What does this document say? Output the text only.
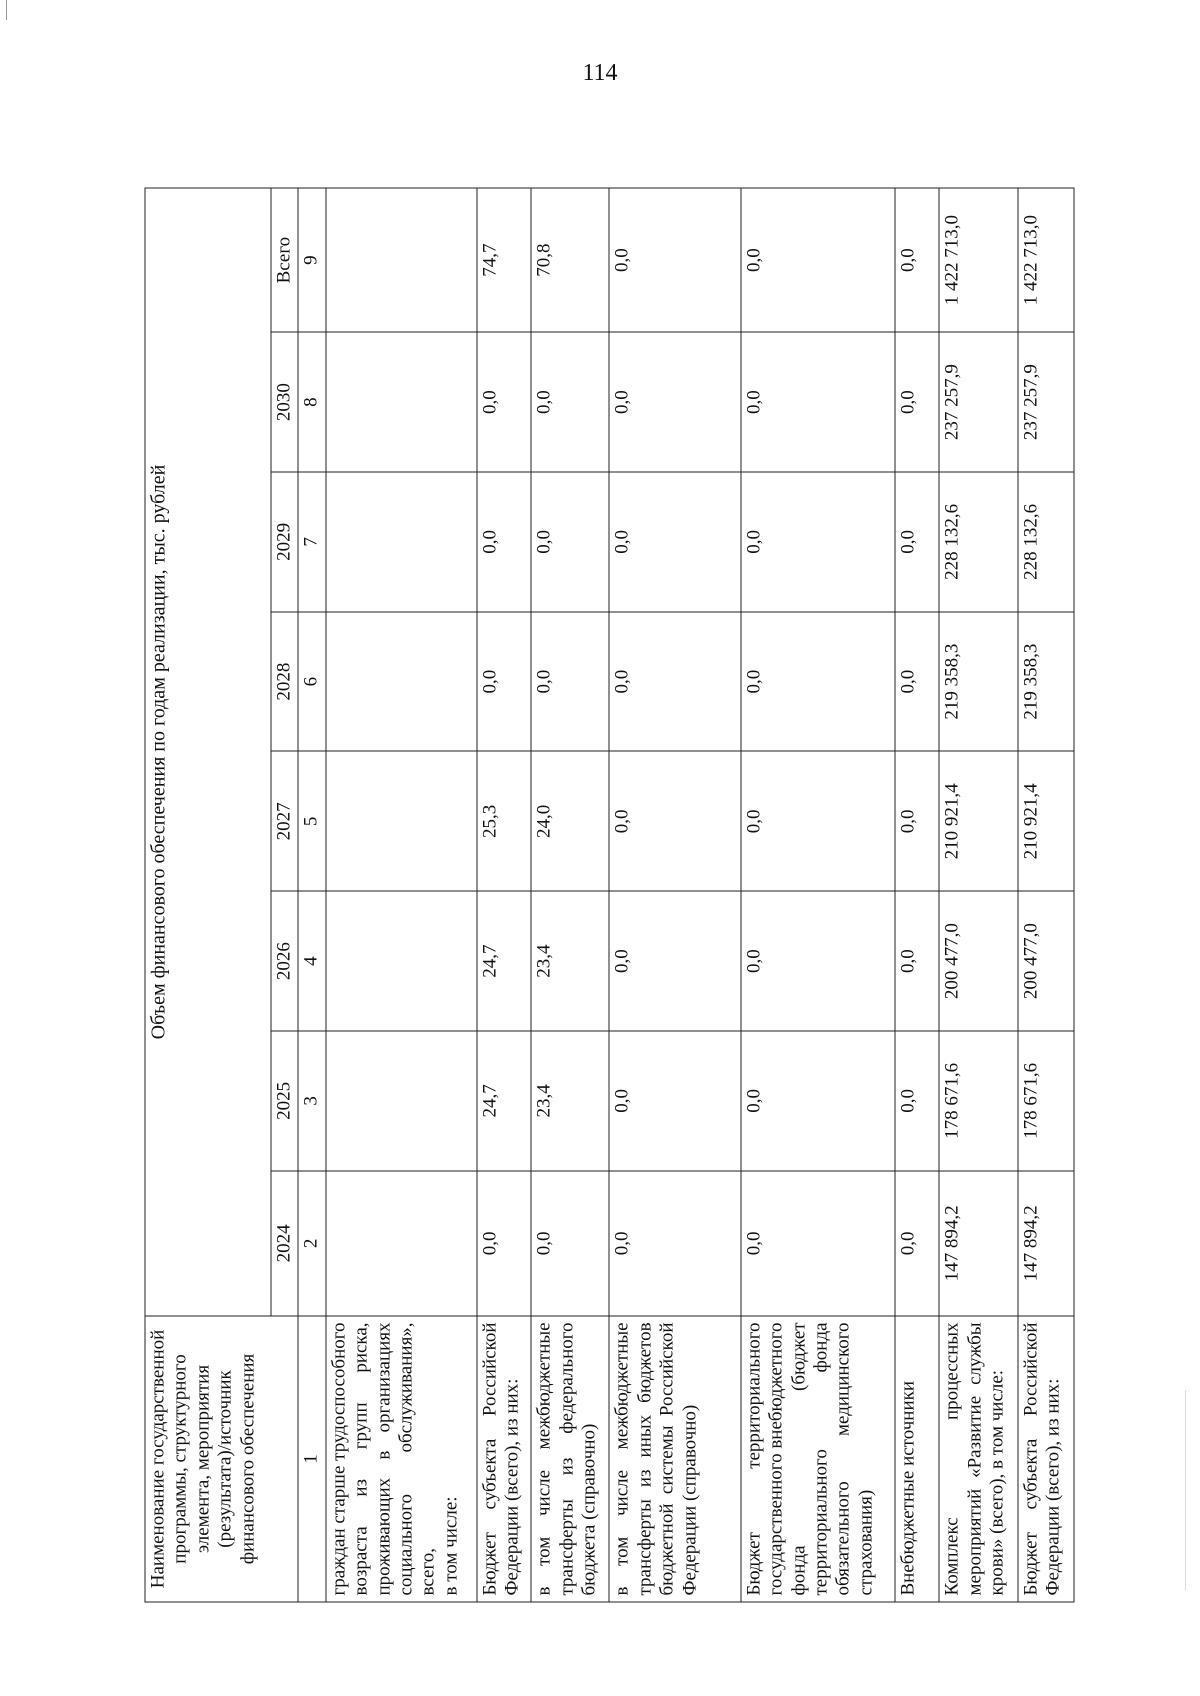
114
Наименование государственной программы, структурного элемента, мероприятия (результата)/источник финансового обеспечения	Объем финансового обеспечения по годам реализации, тыс. рублей							
	2024	2025	2026	2027	2028	2029	2030	Всего
1	2	3	4	5	6	7	8	9
граждан старше трудоспособного возраста из групп риска, проживающих в организациях социального обслуживания», всего, в том числе:								

Бюджет субъекта Российской Федерации (всего), из них:	0,0	24,7	24,7	25,3	0,0	0,0	0,0	74,7
в том числе межбюджетные трансферты из федерального бюджета (справочно)	0,0	23,4	23,4	24,0	0,0	0,0	0,0	70,8
в том числе межбюджетные трансферты из иных бюджетов бюджетной системы Российской Федерации (справочно)	0,0	0,0	0,0	0,0	0,0	0,0	0,0	0,0
Бюджет территориального государственного внебюджетного фонда (бюджет территориального фонда обязательного медицинского страхования)	0,0	0,0	0,0	0,0	0,0	0,0	0,0	0,0
Внебюджетные источники	0,0	0,0	0,0	0,0	0,0	0,0	0,0	0,0
Комплекс процессных мероприятий «Развитие службы крови» (всего), в том числе:	147 894,2	178 671,6	200 477,0	210 921,4	219 358,3	228 132,6	237 257,9	1 422 713,0
Бюджет субъекта Российской Федерации (всего), из них:	147 894,2	178 671,6	200 477,0	210 921,4	219 358,3	228 132,6	237 257,9	1 422 713,0
